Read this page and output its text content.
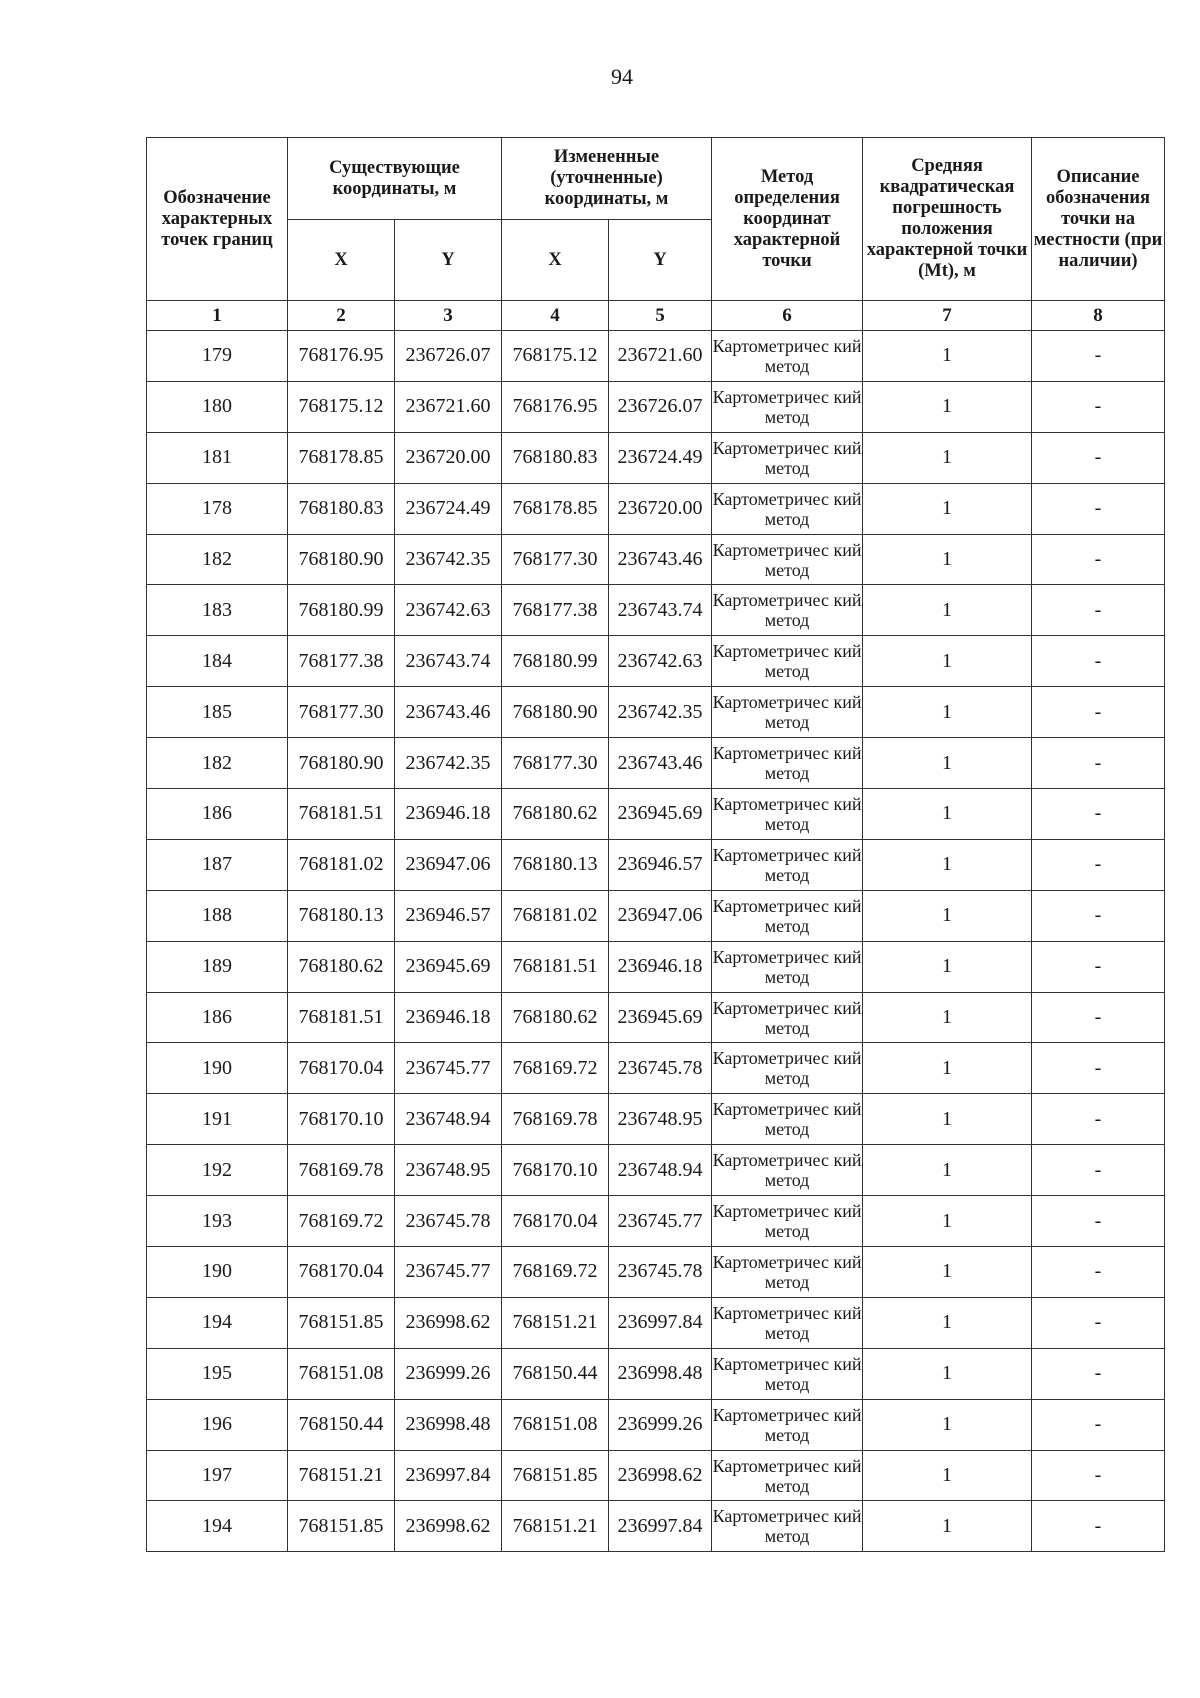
94
Обозначение характерных точек границ	Существующие координаты, м		Измененные (уточненные) координаты, м		Метод определения координат характерной точки	Средняя квадратическая погрешность положения характерной точки (Mt), м	Описание обозначения точки на местности (при наличии)
	X	Y	X	Y			
1	2	3	4	5	6	7	8
179	768176.95	236726.07	768175.12	236721.60	Картометричес кий метод	1	-
180	768175.12	236721.60	768176.95	236726.07	Картометричес кий метод	1	-
181	768178.85	236720.00	768180.83	236724.49	Картометричес кий метод	1	-
178	768180.83	236724.49	768178.85	236720.00	Картометричес кий метод	1	-
182	768180.90	236742.35	768177.30	236743.46	Картометричес кий метод	1	-
183	768180.99	236742.63	768177.38	236743.74	Картометричес кий метод	1	-
184	768177.38	236743.74	768180.99	236742.63	Картометричес кий метод	1	-
185	768177.30	236743.46	768180.90	236742.35	Картометричес кий метод	1	-
182	768180.90	236742.35	768177.30	236743.46	Картометричес кий метод	1	-
186	768181.51	236946.18	768180.62	236945.69	Картометричес кий метод	1	-
187	768181.02	236947.06	768180.13	236946.57	Картометричес кий метод	1	-
188	768180.13	236946.57	768181.02	236947.06	Картометричес кий метод	1	-
189	768180.62	236945.69	768181.51	236946.18	Картометричес кий метод	1	-
186	768181.51	236946.18	768180.62	236945.69	Картометричес кий метод	1	-
190	768170.04	236745.77	768169.72	236745.78	Картометричес кий метод	1	-
191	768170.10	236748.94	768169.78	236748.95	Картометричес кий метод	1	-
192	768169.78	236748.95	768170.10	236748.94	Картометричес кий метод	1	-
193	768169.72	236745.78	768170.04	236745.77	Картометричес кий метод	1	-
190	768170.04	236745.77	768169.72	236745.78	Картометричес кий метод	1	-
194	768151.85	236998.62	768151.21	236997.84	Картометричес кий метод	1	-
195	768151.08	236999.26	768150.44	236998.48	Картометричес кий метод	1	-
196	768150.44	236998.48	768151.08	236999.26	Картометричес кий метод	1	-
197	768151.21	236997.84	768151.85	236998.62	Картометричес кий метод	1	-
194	768151.85	236998.62	768151.21	236997.84	Картометричес кий метод	1	-
